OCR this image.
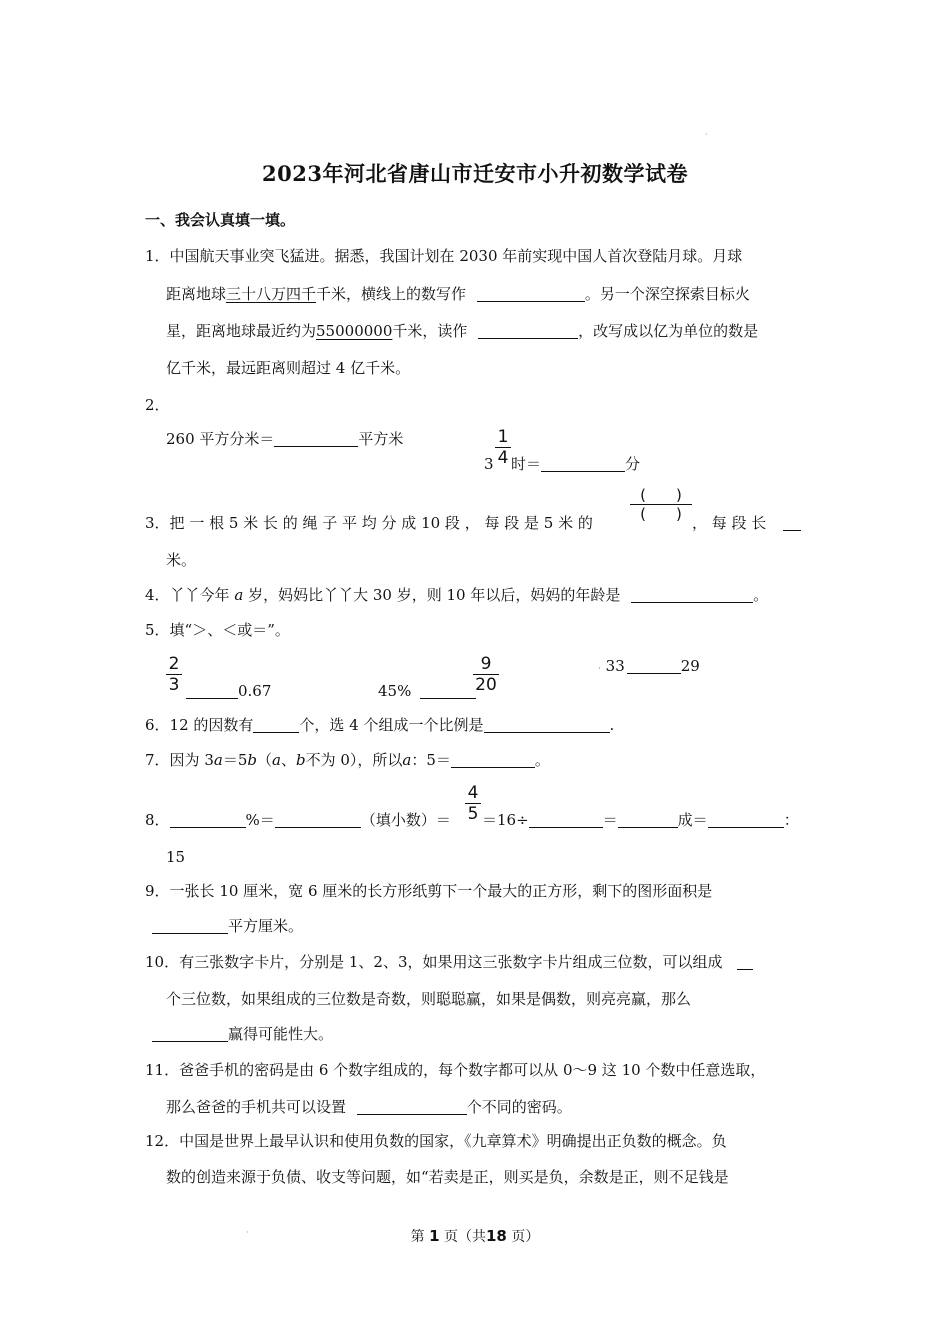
·
2023年河北省唐山市迁安市小升初数学试卷
一、我会认真填一填。
1．中国航天事业突飞猛进。据悉，我国计划在 2030 年前实现中国人首次登陆月球。月球
距离地球三十八万四千千米，横线上的数写作	。另一个深空探索目标火
星，距离地球最近约为55000000千米，读作	，改写成以亿为单位的数是
亿千米，最远距离则超过 4 亿千米。
2．
260 平方分米＝	平方米	$\frac{1}{4}$
3 时＝	分
3．把 一 根 5 米 长 的 绳 子 平 均 分 成 10 段 ， 每 段 是 5 米 的
(　　)
(　　) ， 每 段 长
米。
4．丫丫今年 a 岁，妈妈比丫丫大 30 岁，则 10 年以后，妈妈的年龄是	。
5．填“＞、＜或＝”。
$\frac{2}{3}$	0.67	45%	$\frac{9}{20}$	· 33	29
6．12 的因数有	个，选 4 个组成一个比例是	.
7．因为 3a＝5b（a、b不为 0），所以a：5＝	。
8．	%＝	（填小数）＝ $\frac{4}{5} =16\div$	＝	成＝	：
15
9．一张长 10 厘米，宽 6 厘米的长方形纸剪下一个最大的正方形，剩下的图形面积是
平方厘米。
10．有三张数字卡片，分别是 1、2、3，如果用这三张数字卡片组成三位数，可以组成
个三位数，如果组成的三位数是奇数，则聪聪赢，如果是偶数，则亮亮赢，那么
赢得可能性大。
11．爸爸手机的密码是由 6 个数字组成的，每个数字都可以从 0～9 这 10 个数中任意选取，
那么爸爸的手机共可以设置	个不同的密码。
12．中国是世界上最早认识和使用负数的国家，《九章算术》明确提出正负数的概念。负
数的创造来源于负债、收支等问题，如“若卖是正，则买是负，余数是正，则不足钱是
·	第 1 页（共18 页）
